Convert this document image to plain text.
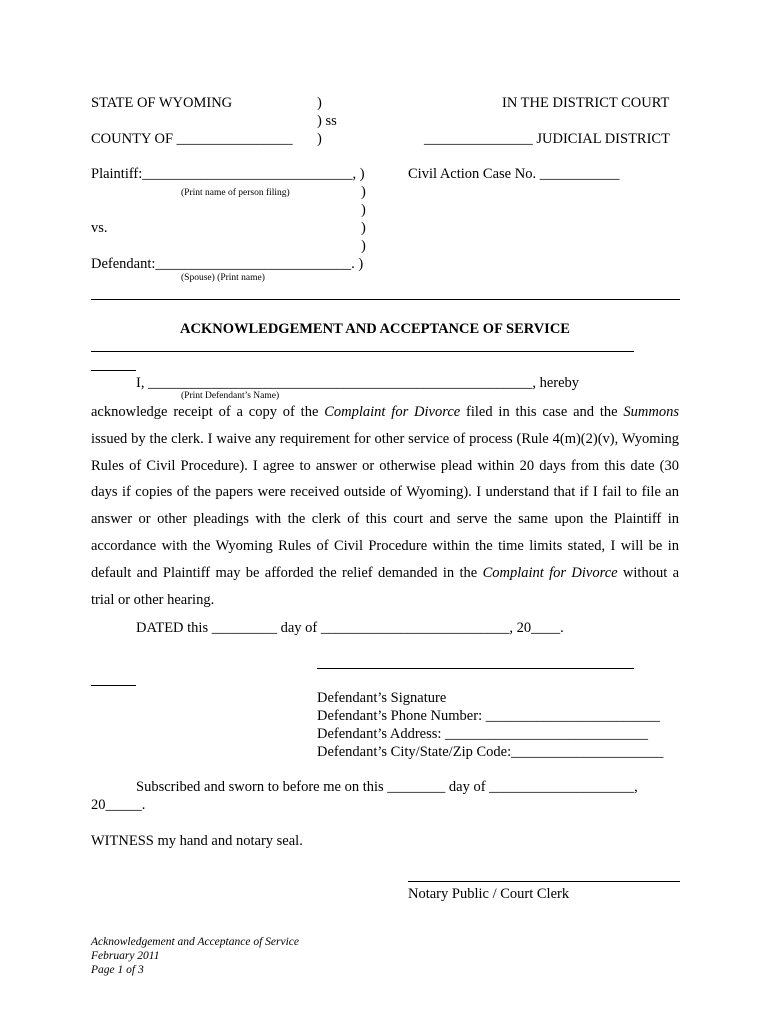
STATE OF WYOMING	)	IN THE DISTRICT COURT
) ss
COUNTY OF ________________ )	_______________ JUDICIAL DISTRICT
Plaintiff:_____________________________, )	Civil Action Case No. ___________
(Print name of person filing)	)
)
vs.	)
)
Defendant:___________________________. )
(Spouse) (Print name)
ACKNOWLEDGEMENT AND ACCEPTANCE OF SERVICE
I, _____________________________________________________, hereby
(Print Defendant’s Name)
acknowledge receipt of a copy of the Complaint for Divorce filed in this case and the Summons issued by the clerk. I waive any requirement for other service of process (Rule 4(m)(2)(v), Wyoming Rules of Civil Procedure). I agree to answer or otherwise plead within 20 days from this date (30 days if copies of the papers were received outside of Wyoming). I understand that if I fail to file an answer or other pleadings with the clerk of this court and serve the same upon the Plaintiff in accordance with the Wyoming Rules of Civil Procedure within the time limits stated, I will be in default and Plaintiff may be afforded the relief demanded in the Complaint for Divorce without a trial or other hearing.
DATED this _________ day of __________________________, 20____.
Defendant’s Signature
Defendant’s Phone Number: ________________________
Defendant’s Address: ____________________________
Defendant’s City/State/Zip Code:_____________________
Subscribed and sworn to before me on this ________ day of ____________________,
20_____.
WITNESS my hand and notary seal.
Notary Public / Court Clerk
Acknowledgement and Acceptance of Service
February 2011
Page 1 of 3
